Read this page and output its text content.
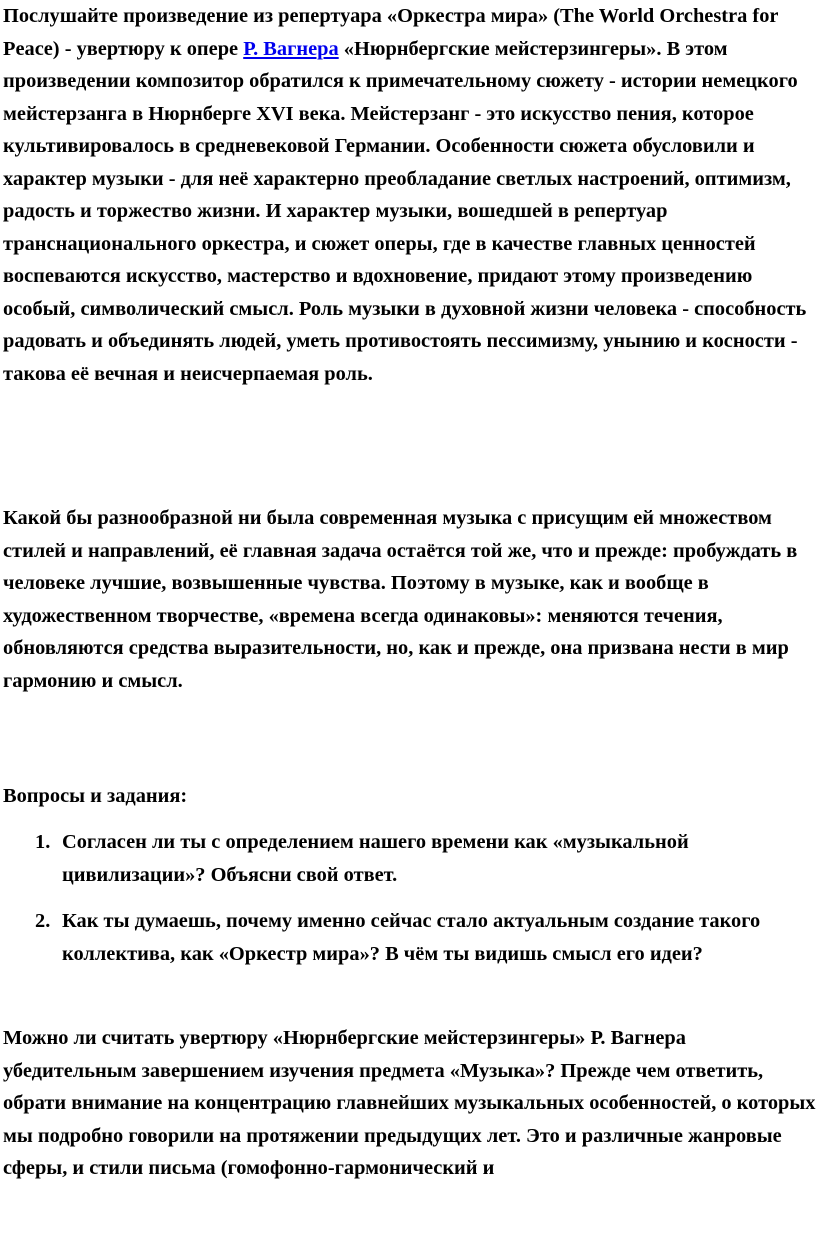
Послушайте произведение из репертуара «Оркестра мира» (The World Orchestra for Peace) - увертюру к опере Р. Вагнера «Нюрнбергские мейстерзингеры». В этом произведении композитор обратился к примечательному сюжету - истории немецкого мейстерзанга в Нюрнберге XVI века. Мейстерзанг - это искусство пения, которое культивировалось в средневековой Германии. Особенности сюжета обусловили и характер музыки - для неё характерно преобладание светлых настроений, оптимизм, радость и торжество жизни. И характер музыки, вошедшей в репертуар транснационального оркестра, и сюжет оперы, где в качестве главных ценностей воспеваются искусство, мастерство и вдохновение, придают этому произведению особый, символический смысл. Роль музыки в духовной жизни человека - способность радовать и объединять людей, уметь противостоять пессимизму, унынию и косности - такова её вечная и неисчерпаемая роль.

Какой бы разнообразной ни была современная музыка с присущим ей множеством стилей и направлений, её главная задача остаётся той же, что и прежде: пробуждать в человеке лучшие, возвышенные чувства. Поэтому в музыке, как и вообще в художественном творчестве, «времена всегда одинаковы»: меняются течения, обновляются средства выразительности, но, как и прежде, она призвана нести в мир гармонию и смысл.

Вопросы и задания:

1. Согласен ли ты с определением нашего времени как «музыкальной цивилизации»? Объясни свой ответ.
2. Как ты думаешь, почему именно сейчас стало актуальным создание такого коллектива, как «Оркестр мира»? В чём ты видишь смысл его идеи?

Можно ли считать увертюру «Нюрнбергские мейстерзингеры» Р. Вагнера убедительным завершением изучения предмета «Музыка»? Прежде чем ответить, обрати внимание на концентрацию главнейших музыкальных особенностей, о которых мы подробно говорили на протяжении предыдущих лет. Это и различные жанровые сферы, и стили письма (гомофонно-гармонический и
